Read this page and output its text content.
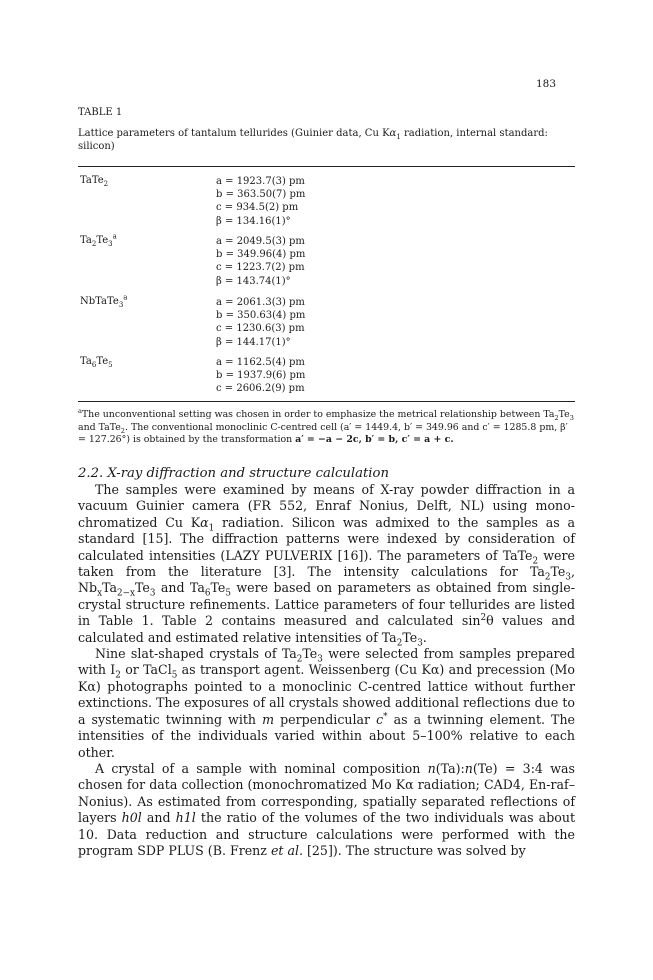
183
TABLE 1
Lattice parameters of tantalum tellurides (Guinier data, Cu $K\alpha_1$ radiation, internal standard: silicon)
TaTe$_2$	a = 1923.7(3) pm
b = 363.50(7) pm
c = 934.5(2) pm
β = 134.16(1)°
$Ta_2Te_3^a$	a = 2049.5(3) pm
b = 349.96(4) pm
c = 1223.7(2) pm
β = 143.74(1)°
NbTaTe$_3^a$	a = 2061.3(3) pm
b = 350.63(4) pm
c = 1230.6(3) pm
β = 144.17(1)°
$Ta_6Te_5$	a = 1162.5(4) pm
b = 1937.9(6) pm
c = 2606.2(9) pm
$^a$The unconventional setting was chosen in order to emphasize the metrical relationship between $Ta_2Te_3$ and TaTe$_2$. The conventional monoclinic C-centred cell (a′ = 1449.4, b′ = 349.96 and c′ = 1285.8 pm, β′ = 127.26°) is obtained by the transformation a′ = −a − 2c, b′ = b, c′ = a + c.
2.2. X-ray diffraction and structure calculation

The samples were examined by means of X-ray powder diffraction in a vacuum Guinier camera (FR 552, Enraf Nonius, Delft, NL) using mono-chromatized Cu $K\alpha_1$ radiation. Silicon was admixed to the samples as a standard [15]. The diffraction patterns were indexed by consideration of calculated intensities (LAZY PULVERIX [16]). The parameters of TaTe$_2$ were taken from the literature [3]. The intensity calculations for $Ta_2Te_3$, $Nb_xTa_{2-x}Te_3$ and $Ta_6Te_5$ were based on parameters as obtained from single-crystal structure refinements. Lattice parameters of four tellurides are listed in Table 1. Table 2 contains measured and calculated $\sin^2\theta$ values and calculated and estimated relative intensities of $Ta_2Te_3$.

Nine slat-shaped crystals of $Ta_2Te_3$ were selected from samples prepared with $I_2$ or TaCl$_5$ as transport agent. Weissenberg (Cu Kα) and precession (Mo Kα) photographs pointed to a monoclinic C-centred lattice without further extinctions. The exposures of all crystals showed additional reflections due to a systematic twinning with m perpendicular c* as a twinning element. The intensities of the individuals varied within about 5–100% relative to each other.

A crystal of a sample with nominal composition n(Ta):n(Te) = 3:4 was chosen for data collection (monochromatized Mo Kα radiation; CAD4, En-raf–Nonius). As estimated from corresponding, spatially separated reflections of layers h0l and h1l the ratio of the volumes of the two individuals was about 10. Data reduction and structure calculations were performed with the program SDP PLUS (B. Frenz et al. [25]). The structure was solved by
